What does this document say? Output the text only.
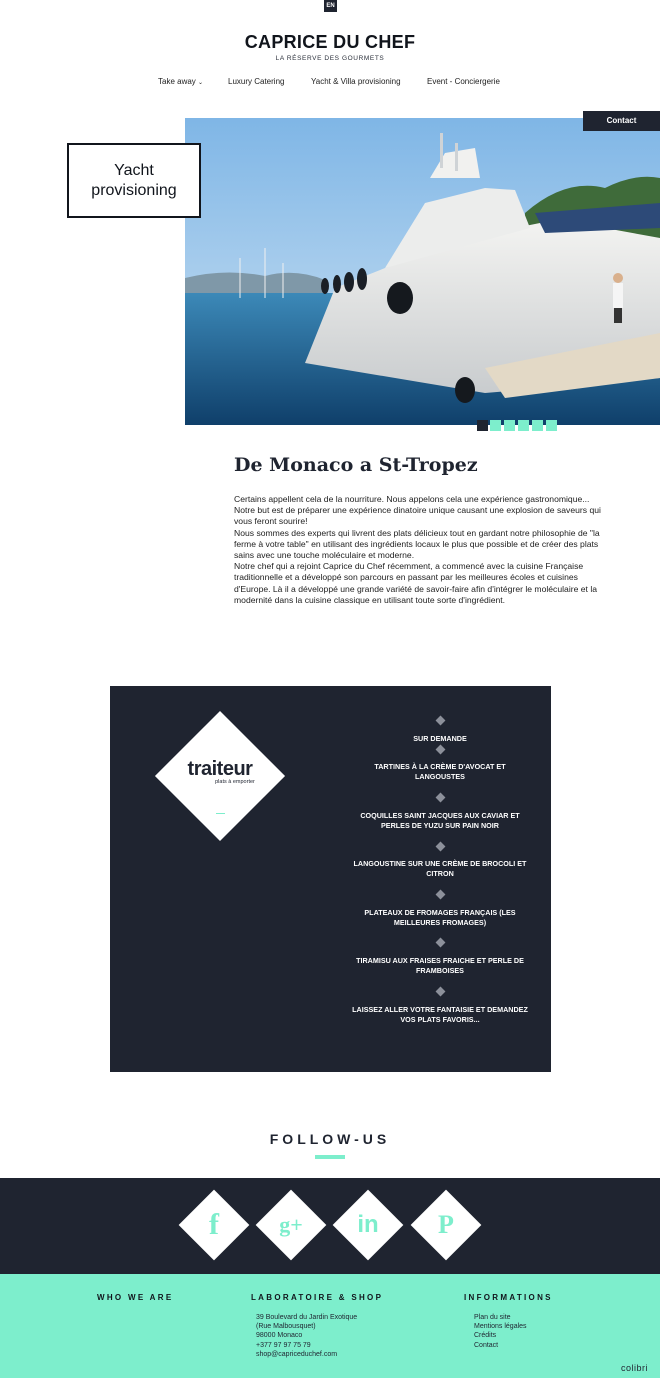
EN
CAPRICE DU CHEF
LA RÉSERVE DES GOURMETS
Take away ⌄	Luxury Catering	Yacht & Villa provisioning	Event - Conciergerie
Contact
Yacht
provisioning
De Monaco a St-Tropez

Certains appellent cela de la nourriture. Nous appelons cela une expérience gastronomique...

Notre but est de préparer une expérience dinatoire unique causant une explosion de saveurs qui vous feront sourire!

Nous sommes des experts qui livrent des plats délicieux tout en gardant notre philosophie de "la ferme à votre table" en utilisant des ingrédients locaux le plus que possible et de créer des plats sains avec une touche moléculaire et moderne.

Notre chef qui a rejoint Caprice du Chef récemment, a commencé avec la cuisine Française traditionnelle et a développé son parcours en passant par les meilleures écoles et cuisines d'Europe. Là il a développé une grande variété de savoir-faire afin d'intégrer le moléculaire et la modernité dans la cuisine classique en utilisant toute sorte d'ingrédient.

traiteur
plats à emporter
SUR DEMANDE
TARTINES À LA CRÈME D'AVOCAT ET LANGOUSTES
COQUILLES SAINT JACQUES AUX CAVIAR ET PERLES DE YUZU SUR PAIN NOIR
LANGOUSTINE SUR UNE CRÈME DE BROCOLI ET CITRON
PLATEAUX DE FROMAGES FRANÇAIS (LES MEILLEURES FROMAGES)
TIRAMISU AUX FRAISES FRAICHE ET PERLE DE FRAMBOISES
LAISSEZ ALLER VOTRE FANTAISIE ET DEMANDEZ VOS PLATS FAVORIS...
FOLLOW-US
f	g+	in	P
WHO WE ARE	LABORATOIRE & SHOP
39 Boulevard du Jardin Exotique
(Rue Malbousquet)
98000 Monaco
+377 97 97 75 79
shop@capriceduchef.com
INFORMATIONS
Plan du site
Mentions légales
Crédits
Contact
colibri
